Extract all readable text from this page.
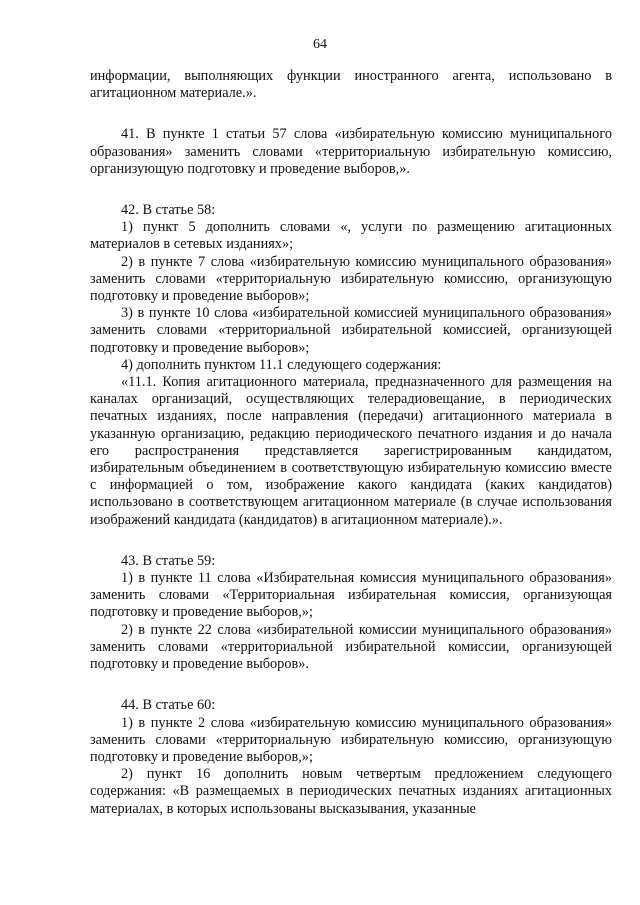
64

информации, выполняющих функции иностранного агента, использовано в агитационном материале.».

41. В пункте 1 статьи 57 слова «избирательную комиссию муниципального образования» заменить словами «территориальную избирательную комиссию, организующую подготовку и проведение выборов,».

42. В статье 58:

1) пункт 5 дополнить словами «, услуги по размещению агитационных материалов в сетевых изданиях»;

2) в пункте 7 слова «избирательную комиссию муниципального образования» заменить словами «территориальную избирательную комиссию, организующую подготовку и проведение выборов»;

3) в пункте 10 слова «избирательной комиссией муниципального образования» заменить словами «территориальной избирательной комиссией, организующей подготовку и проведение выборов»;

4) дополнить пунктом 11.1 следующего содержания:

«11.1. Копия агитационного материала, предназначенного для размещения на каналах организаций, осуществляющих телерадиовещание, в периодических печатных изданиях, после направления (передачи) агитационного материала в указанную организацию, редакцию периодического печатного издания и до начала его распространения представляется зарегистрированным кандидатом, избирательным объединением в соответствующую избирательную комиссию вместе с информацией о том, изображение какого кандидата (каких кандидатов) использовано в соответствующем агитационном материале (в случае использования изображений кандидата (кандидатов) в агитационном материале).».

43. В статье 59:

1) в пункте 11 слова «Избирательная комиссия муниципального образования» заменить словами «Территориальная избирательная комиссия, организующая подготовку и проведение выборов,»;

2) в пункте 22 слова «избирательной комиссии муниципального образования» заменить словами «территориальной избирательной комиссии, организующей подготовку и проведение выборов».

44. В статье 60:

1) в пункте 2 слова «избирательную комиссию муниципального образования» заменить словами «территориальную избирательную комиссию, организующую подготовку и проведение выборов,»;

2) пункт 16 дополнить новым четвертым предложением следующего содержания: «В размещаемых в периодических печатных изданиях агитационных материалах, в которых использованы высказывания, указанные
